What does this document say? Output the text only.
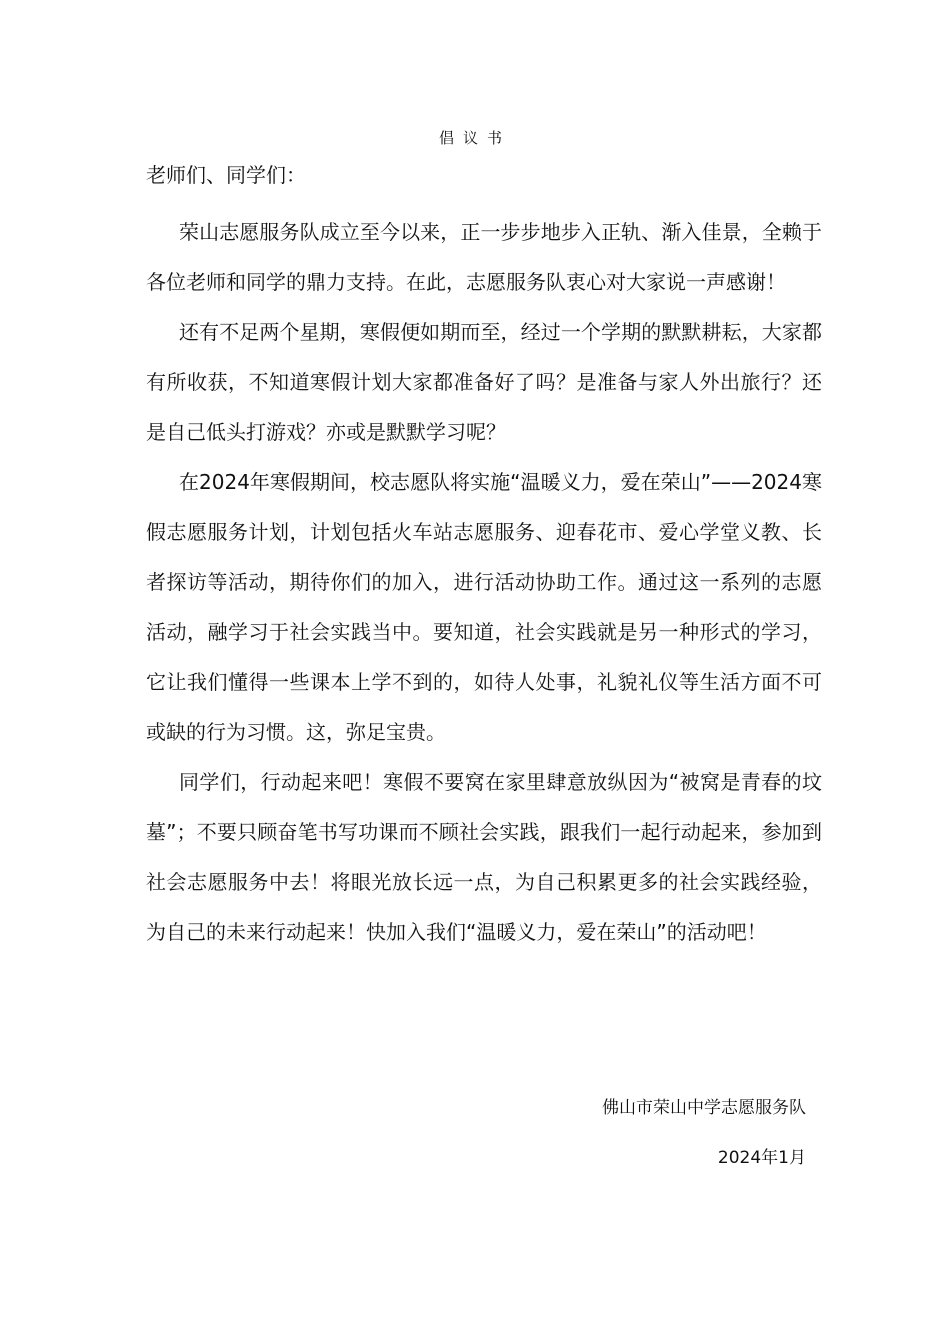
倡议书
老师们、同学们：

荣山志愿服务队成立至今以来，正一步步地步入正轨、渐入佳景，全赖于各位老师和同学的鼎力支持。在此，志愿服务队衷心对大家说一声感谢！

还有不足两个星期，寒假便如期而至，经过一个学期的默默耕耘，大家都有所收获，不知道寒假计划大家都准备好了吗？是准备与家人外出旅行？还是自己低头打游戏？亦或是默默学习呢？

在2024年寒假期间，校志愿队将实施“温暖义力，爱在荣山”——2024寒假志愿服务计划，计划包括火车站志愿服务、迎春花市、爱心学堂义教、长者探访等活动，期待你们的加入，进行活动协助工作。通过这一系列的志愿活动，融学习于社会实践当中。要知道，社会实践就是另一种形式的学习，它让我们懂得一些课本上学不到的，如待人处事，礼貌礼仪等生活方面不可或缺的行为习惯。这，弥足宝贵。

同学们，行动起来吧！寒假不要窝在家里肆意放纵因为“被窝是青春的坟墓”；不要只顾奋笔书写功课而不顾社会实践，跟我们一起行动起来，参加到社会志愿服务中去！将眼光放长远一点，为自己积累更多的社会实践经验，为自己的未来行动起来！快加入我们“温暖义力，爱在荣山”的活动吧！

佛山市荣山中学志愿服务队
2024年1月
